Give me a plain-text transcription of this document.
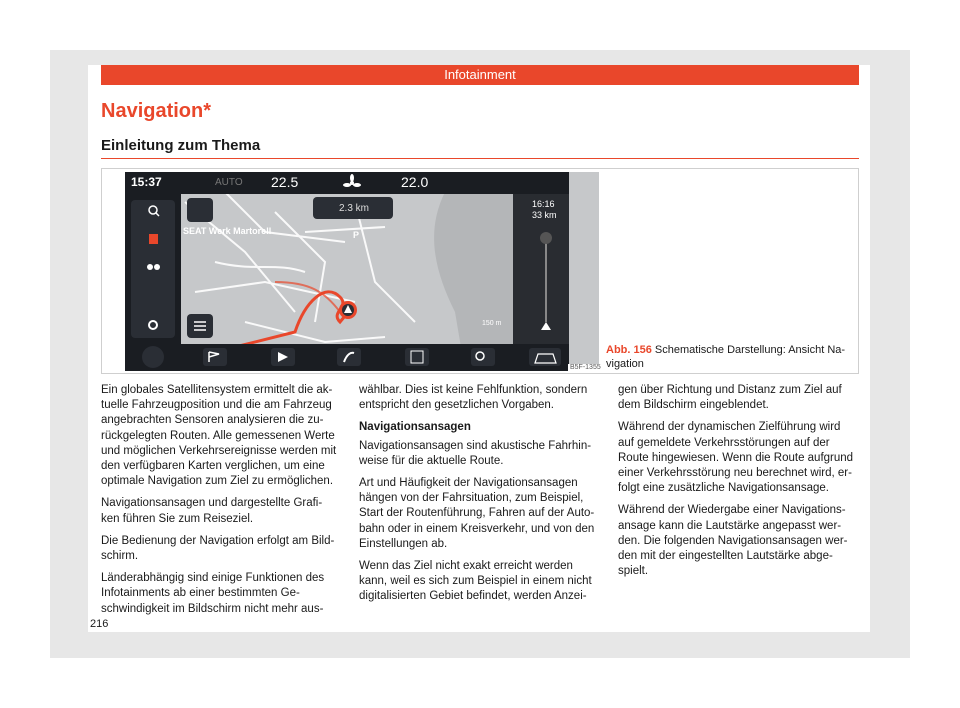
Infotainment
Navigation*
Einleitung zum Thema
15:37	AUTO 22.5	22.0
2.3 km
SEAT Werk Martorell	P
16:16
33 km
150 m
B5F-1355
Abb. 156 Schematische Darstellung: Ansicht Na-vigation

Ein globales Satellitensystem ermittelt die ak-tuelle Fahrzeugposition und die am Fahrzeug angebrachten Sensoren analysieren die zu-rückgelegten Routen. Alle gemessenen Werte und möglichen Verkehrsereignisse werden mit den verfügbaren Karten verglichen, um eine optimale Navigation zum Ziel zu ermöglichen.

Navigationsansagen und dargestellte Grafi-ken führen Sie zum Reiseziel.

Die Bedienung der Navigation erfolgt am Bild-schirm.

Länderabhängig sind einige Funktionen des Infotainments ab einer bestimmten Ge-schwindigkeit im Bildschirm nicht mehr aus-

wählbar. Dies ist keine Fehlfunktion, sondern entspricht den gesetzlichen Vorgaben.

Navigationsansagen

Navigationsansagen sind akustische Fahrhin-weise für die aktuelle Route.

Art und Häufigkeit der Navigationsansagen hängen von der Fahrsituation, zum Beispiel, Start der Routenführung, Fahren auf der Auto-bahn oder in einem Kreisverkehr, und von den Einstellungen ab.

Wenn das Ziel nicht exakt erreicht werden kann, weil es sich zum Beispiel in einem nicht digitalisierten Gebiet befindet, werden Anzei-

gen über Richtung und Distanz zum Ziel auf dem Bildschirm eingeblendet.

Während der dynamischen Zielführung wird auf gemeldete Verkehrsstörungen auf der Route hingewiesen. Wenn die Route aufgrund einer Verkehrsstörung neu berechnet wird, er-folgt eine zusätzliche Navigationsansage.

Während der Wiedergabe einer Navigations-ansage kann die Lautstärke angepasst wer-den. Die folgenden Navigationsansagen wer-den mit der eingestellten Lautstärke abge-spielt.

216
